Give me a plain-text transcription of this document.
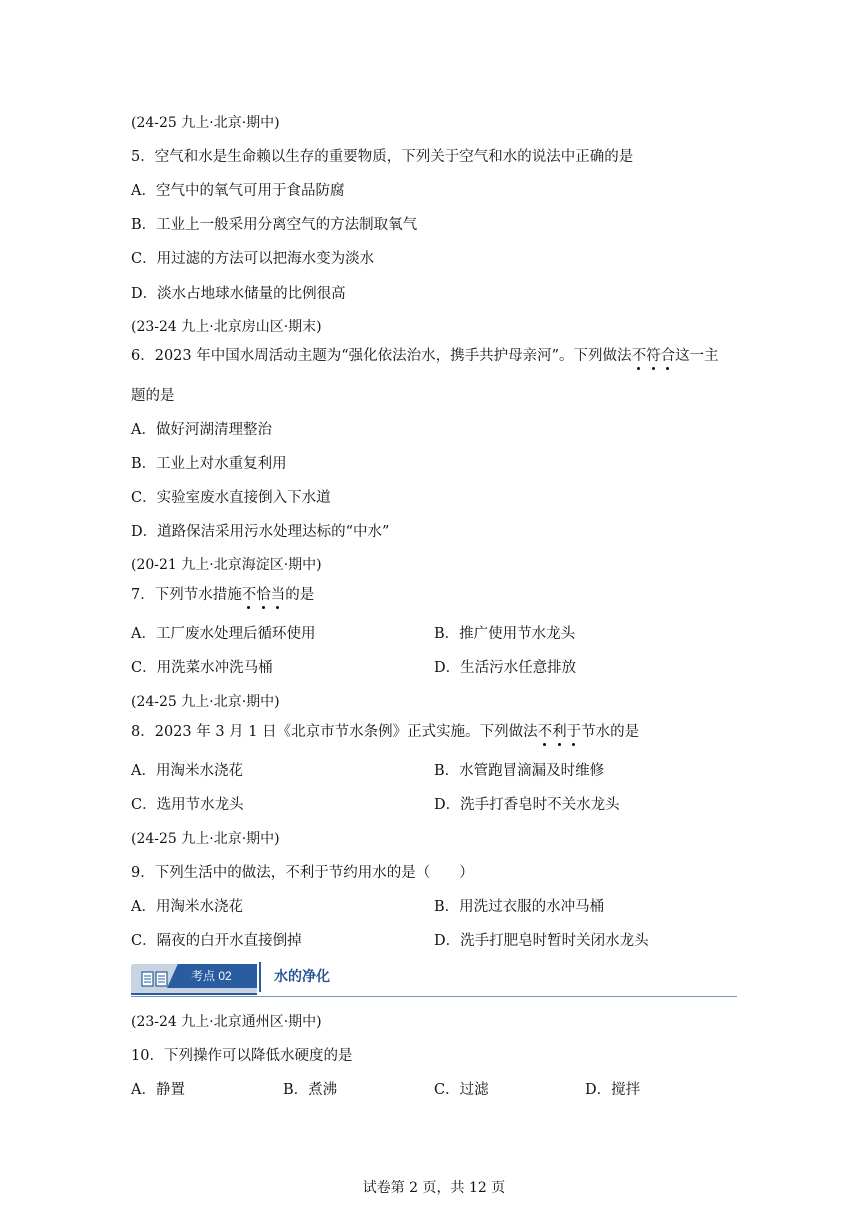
(24-25 九上·北京·期中)
5．空气和水是生命赖以生存的重要物质，下列关于空气和水的说法中正确的是
A．空气中的氧气可用于食品防腐
B．工业上一般采用分离空气的方法制取氧气
C．用过滤的方法可以把海水变为淡水
D．淡水占地球水储量的比例很高
(23-24 九上·北京房山区·期末)
6．2023 年中国水周活动主题为“强化依法治水，携手共护母亲河”。下列做法不符合这一主
题的是
A．做好河湖清理整治
B．工业上对水重复利用
C．实验室废水直接倒入下水道
D．道路保洁采用污水处理达标的“中水”
(20-21 九上·北京海淀区·期中)
7．下列节水措施不恰当的是
A．工厂废水处理后循环使用	B．推广使用节水龙头
C．用洗菜水冲洗马桶	D．生活污水任意排放
(24-25 九上·北京·期中)
8．2023 年 3 月 1 日《北京市节水条例》正式实施。下列做法不利于节水的是
A．用淘米水浇花	B．水管跑冒滴漏及时维修
C．选用节水龙头	D．洗手打香皂时不关水龙头
(24-25 九上·北京·期中)
9．下列生活中的做法，不利于节约用水的是（　　）
A．用淘米水浇花	B．用洗过衣服的水冲马桶
C．隔夜的白开水直接倒掉	D．洗手打肥皂时暂时关闭水龙头
考点 02	水的净化
(23-24 九上·北京通州区·期中)
10．下列操作可以降低水硬度的是
A．静置	B．煮沸	C．过滤	D．搅拌
试卷第 2 页，共 12 页
